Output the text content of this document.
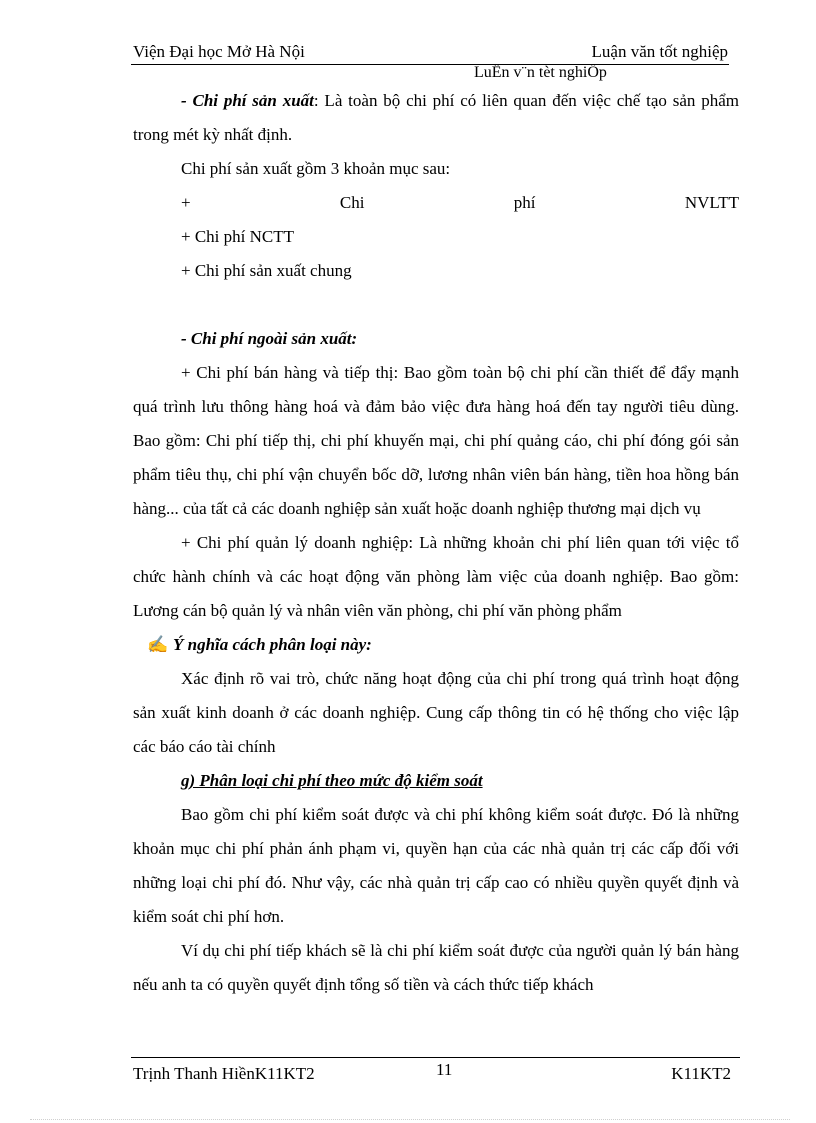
Viện Đại học Mở Hà Nội	Luận văn tốt nghiệp
LuËn v¨n tèt nghiÖp

- Chi phí sản xuất: Là toàn bộ chi phí có liên quan đến việc chế tạo sản phẩm trong mét kỳ nhất định.

Chi phí sản xuất gồm 3 khoản mục sau:

+	Chi	phí	NVLTT

+ Chi phí NCTT

+ Chi phí sản xuất chung

- Chi phí ngoài sản xuất:

+ Chi phí bán hàng và tiếp thị: Bao gồm toàn bộ chi phí cần thiết để đẩy mạnh quá trình lưu thông hàng hoá và đảm bảo việc đưa hàng hoá đến tay người tiêu dùng. Bao gồm: Chi phí tiếp thị, chi phí khuyến mại, chi phí quảng cáo, chi phí đóng gói sản phẩm tiêu thụ, chi phí vận chuyển bốc dỡ, lương nhân viên bán hàng, tiền hoa hồng bán hàng... của tất cả các doanh nghiệp sản xuất hoặc doanh nghiệp thương mại dịch vụ

+ Chi phí quản lý doanh nghiệp: Là những khoản chi phí liên quan tới việc tổ chức hành chính và các hoạt động văn phòng làm việc của doanh nghiệp. Bao gồm: Lương cán bộ quản lý và nhân viên văn phòng, chi phí văn phòng phẩm

✍ Ý nghĩa cách phân loại này:

Xác định rõ vai trò, chức năng hoạt động của chi phí trong quá trình hoạt động sản xuất kinh doanh ở các doanh nghiệp. Cung cấp thông tin có hệ thống cho việc lập các báo cáo tài chính

g) Phân loại chi phí theo mức độ kiểm soát

Bao gồm chi phí kiểm soát được và chi phí không kiểm soát được. Đó là những khoản mục chi phí phản ánh phạm vi, quyền hạn của các nhà quản trị các cấp đối với những loại chi phí đó. Như vậy, các nhà quản trị cấp cao có nhiều quyền quyết định và kiểm soát chi phí hơn.

Ví dụ chi phí tiếp khách sẽ là chi phí kiểm soát được của người quản lý bán hàng nếu anh ta có quyền quyết định tổng số tiền và cách thức tiếp khách

Trịnh Thanh HiềnK11KT2	11	K11KT2
